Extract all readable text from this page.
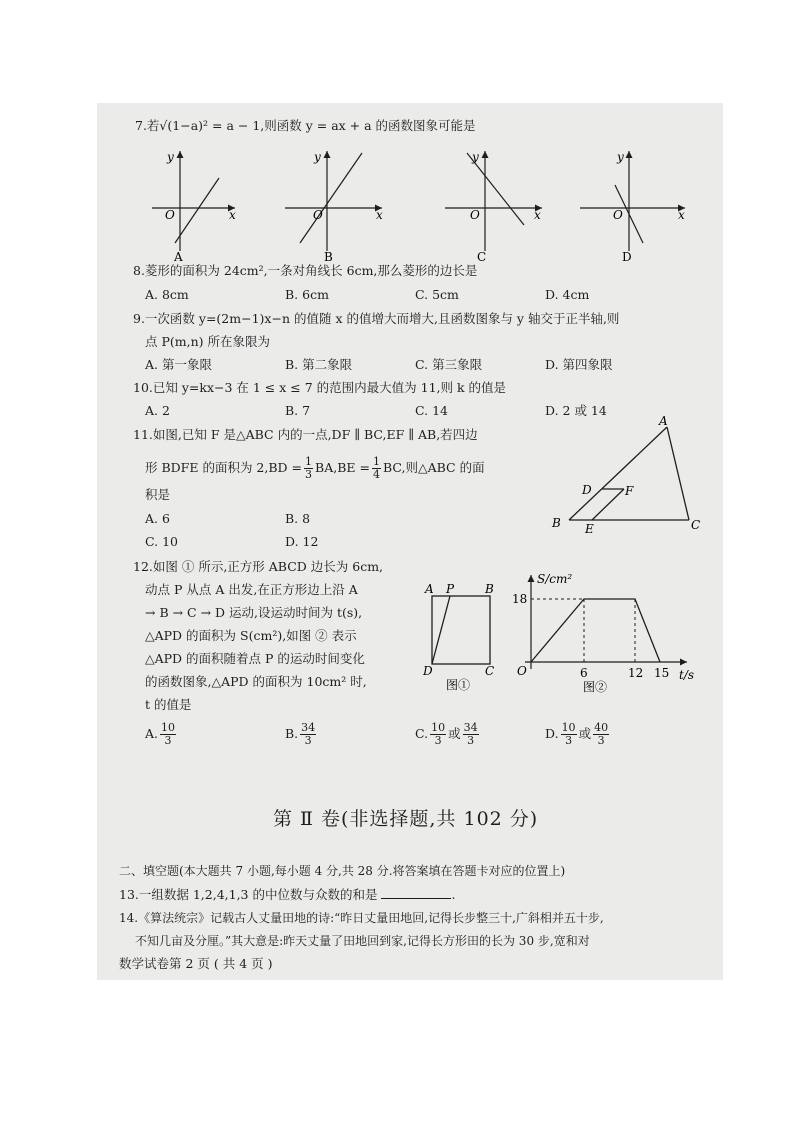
7.若√(1−a)² = a − 1,则函数 y = ax + a 的函数图象可能是
y
x
O
A
y
x
O
B
y
x
O
C
y
x
O
D
8.菱形的面积为 24cm²,一条对角线长 6cm,那么菱形的边长是
A. 8cm	B. 6cm	C. 5cm	D. 4cm
9.一次函数 y=(2m−1)x−n 的值随 x 的值增大而增大,且函数图象与 y 轴交于正半轴,则
点 P(m,n) 所在象限为
A. 第一象限	B. 第二象限	C. 第三象限	D. 第四象限
10.已知 y=kx−3 在 1 ≤ x ≤ 7 的范围内最大值为 11,则 k 的值是
A. 2	B. 7	C. 14	D. 2 或 14
11.如图,已知 F 是△ABC 内的一点,DF ∥ BC,EF ∥ AB,若四边
形 BDFE 的面积为 $2,BD = \frac{1}{3} BA,BE = \frac{1}{4}$ BC,则△ABC 的面
积是
A. 6	B. 8
C. 10	D. 12
A
B	C
D
E
F
12.如图 ① 所示,正方形 ABCD 边长为 6cm,
动点 P 从点 A 出发,在正方形边上沿 A
→ B → C → D 运动,设运动时间为 t(s),
△APD 的面积为 S(cm²),如图 ② 表示
△APD 的面积随着点 P 的运动时间变化
的函数图象,△APD 的面积为 10cm² 时,
t 的值是
A P	B
D	C
图①
S/cm²
t/s
O
18
6	12 15
图②
A. $\frac{10}{3}$	B. $\frac{34}{3}$	C. $\frac{10}{3}$ 或 $\frac{34}{3}$	D. $\frac{10}{3}$ 或 $\frac{40}{3}$
第 Ⅱ 卷(非选择题,共 102 分)
二、填空题(本大题共 7 小题,每小题 4 分,共 28 分.将答案填在答题卡对应的位置上)
13.一组数据 1,2,4,1,3 的中位数与众数的和是	.
14.《算法统宗》记载古人丈量田地的诗:“昨日丈量田地回,记得长步整三十,广斜相并五十步,
不知几亩及分厘。”其大意是:昨天丈量了田地回到家,记得长方形田的长为 30 步,宽和对
数学试卷第 2 页 ( 共 4 页 )
